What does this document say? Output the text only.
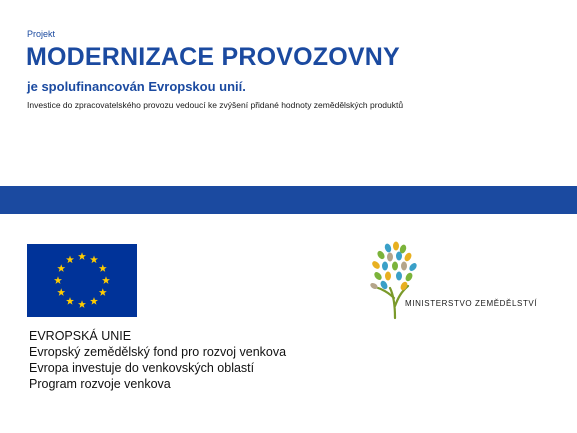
Projekt
MODERNIZACE PROVOZOVNY
je spolufinancován Evropskou unií.
Investice do zpracovatelského provozu vedoucí ke zvýšení přidané hodnoty zemědělských produktů
EVROPSKÁ UNIE
Evropský zemědělský fond pro rozvoj venkova
Evropa investuje do venkovských oblastí
Program rozvoje venkova
MINISTERSTVO ZEMĚDĚLSTVÍ
